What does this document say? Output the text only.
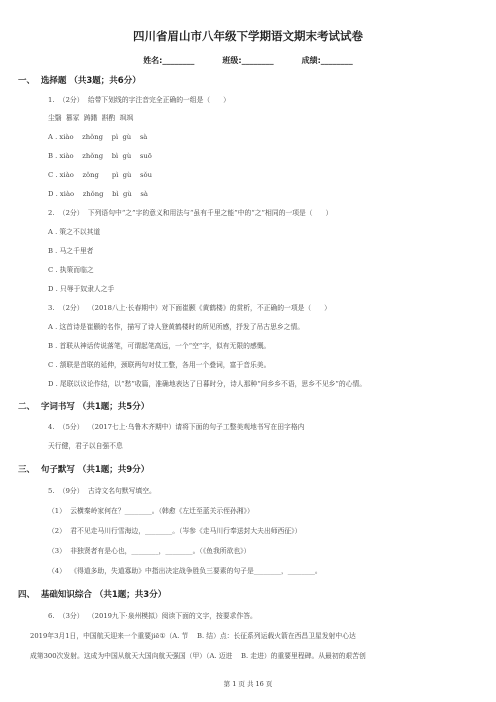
四川省眉山市八年级下学期语文期末考试试卷
姓名:________	班级:________	成绩:________
一、  选择题 （共3题；共6分）
1.  （2分）  给带下划线的字注音完全正确的一组是（      ）
尘翳  篡冢  踌躇  斟酌  飒飒
A . xiào    zhǒng    pì  gù    sà
B . xiào    zhǒng    bì  gù    suō
C . xiào    zǒng      pì  gù    sǒu
D . xiào    zhǒng    bì  gù    sà
2.  （2分）  下列语句中“之”字的意义和用法与“虽有千里之能”中的“之”相同的一项是（      ）
A . 策之不以其道
B . 马之千里者
C . 执策而临之
D . 只辱于奴隶人之手
3.  （2分）  （2018八上·长春期中）对下面崔颢《黄鹤楼》的赏析，不正确的一项是（      ）
A . 这首诗是崔颢的名作，描写了诗人登黄鹤楼时的所见所感，抒发了吊古思乡之情。
B . 首联从神话传说落笔，可谓起笔高远，一个“空”字，似有无限的感慨。
C . 颔联是首联的延伸，颈联两句对仗工整，各用一个叠词，富于音乐美。
D . 尾联以议论作结，以“愁”收篇，准确地表达了日暮时分，诗人那种“问乡乡不语，思乡不见乡”的心情。
二、  字词书写 （共1题；共5分）
4.  （5分）  （2017七上·乌鲁木齐期中）请将下面的句子工整美观地书写在田字格内
天行健，君子以自强不息
三、  句子默写 （共1题；共9分）
5.  （9分）  古诗文名句默写填空。
（1）  云横秦岭家何在？________。（韩愈《左迁至蓝关示侄孙湘》）
（2）  君不见走马川行雪海边，________。（岑参《走马川行奉送封大夫出师西征》）
（3）  非独贤者有是心也，________，________。（《鱼我所欲也》）
（4）  《得道多助，失道寡助》中指出决定战争胜负三要素的句子是________，________。
四、  基础知识综合 （共1题；共3分）
6.  （3分）  （2019九下·泉州模拟）阅读下面的文字，按要求作答。
2019年3月1日，中国航天迎来一个重要jiē①（A. 节    B. 结）点：长征系列运载火箭在西昌卫星发射中心达
成第300次发射。这成为中国从航天大国向航天强国（甲）（A. 迈进    B. 走进）的重要里程碑。从最初的艰苦创
第 1 页 共 16 页
